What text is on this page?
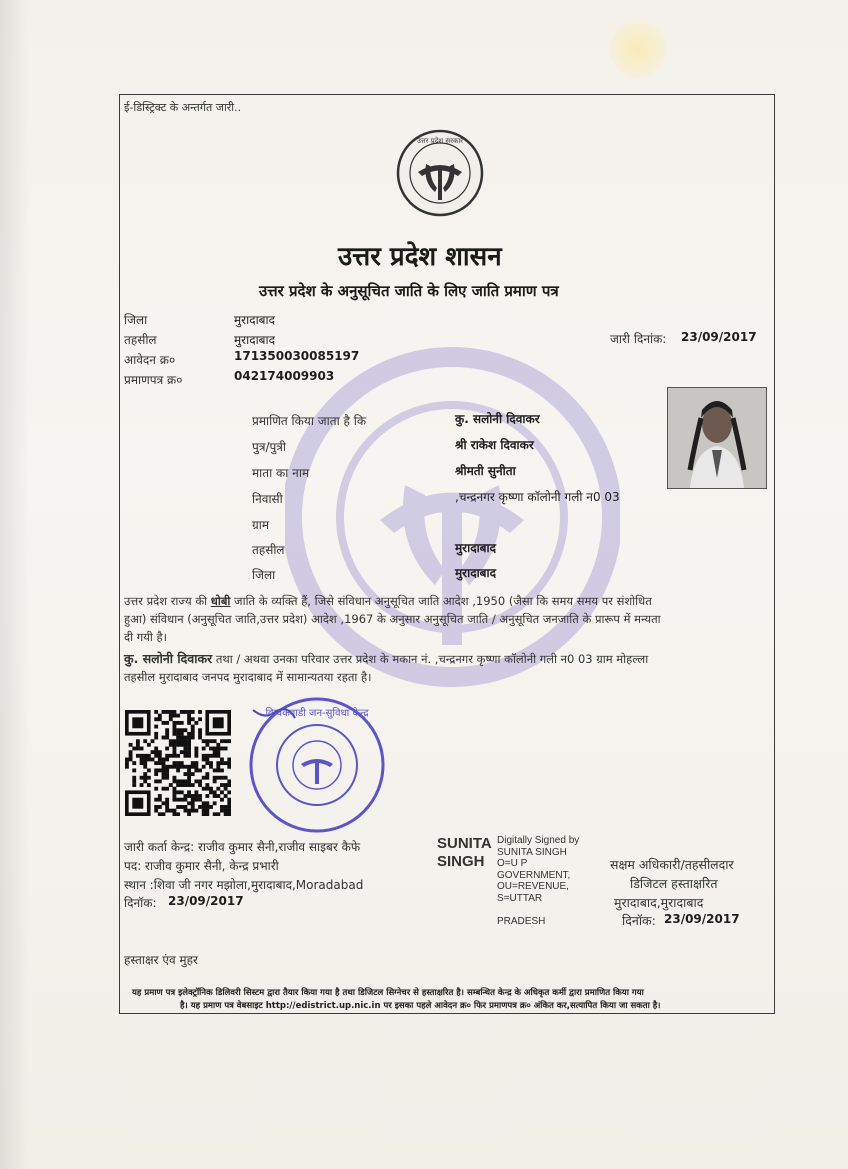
ई-डिस्ट्रिक्ट के अन्तर्गत जारी..
उत्तर प्रदेश सरकार
उत्तर प्रदेश शासन
उत्तर प्रदेश के अनुसूचित जाति के लिए जाति प्रमाण पत्र
जिला	मुरादाबाद
तहसील	मुरादाबाद
आवेदन क्र०	171350030085197
प्रमाणपत्र क्र०	042174009903
जारी दिनांक: 23/09/2017
प्रमाणित किया जाता है कि	कु. सलोनी दिवाकर
पुत्र/पुत्री	श्री राकेश दिवाकर
माता का नाम	श्रीमती सुनीता
निवासी	,चन्द्रनगर कृष्णा कॉलोनी गली न0 03
ग्राम
तहसील	मुरादाबाद
जिला	मुरादाबाद
उत्तर प्रदेश राज्य की धोबी जाति के व्यक्ति हैं, जिसे संविधान अनुसूचित जाति आदेश ,1950 (जैसा कि समय समय पर संशोधित
हुआ) संविधान (अनुसूचित जाति,उत्तर प्रदेश) आदेश ,1967 के अनुसार अनुसूचित जाति / अनुसूचित जनजाति के प्रारूप में मन्यता
दी गयी है।
कु. सलोनी दिवाकर तथा / अथवा उनका परिवार उत्तर प्रदेश के मकान नं. ,चन्द्रनगर कृष्णा कॉलोनी गली न0 03 ग्राम मोहल्ला
तहसील मुरादाबाद जनपद मुरादाबाद में सामान्यतया रहता है।
किचकवाडी जन-सुविधा केन्द्र
जारी कर्ता केन्द्र: राजीव कुमार सैनी,राजीव साइबर कैफे
पद: राजीव कुमार सैनी, केन्द्र प्रभारी
स्थान :शिवा जी नगर मझोला,मुरादाबाद,Moradabad
दिनॉक: 23/09/2017
SUNITA
SINGH
Digitally Signed by
SUNITA SINGH
O=U P
GOVERNMENT,
OU=REVENUE,
S=UTTAR
PRADESH
सक्षम अधिकारी/तहसीलदार
डिजिटल हस्ताक्षरित
मुरादाबाद,मुरादाबाद
दिनॉक: 23/09/2017
हस्ताक्षर एंव मुहर
यह प्रमाण पत्र इलेक्ट्रॉनिक डिलिवरी सिस्टम द्वारा तैयार किया गया है तथा डिजिटल सिग्नेचर से हस्ताक्षरित है। सम्बन्धित केन्द्र के अधिकृत कर्मी द्वारा प्रमाणित किया गया
है। यह प्रमाण पत्र वेबसाइट http://edistrict.up.nic.in पर इसका पहले आवेदन क्र० फिर प्रमाणपत्र क्र० अंकित कर,सत्यापित किया जा सकता है।
